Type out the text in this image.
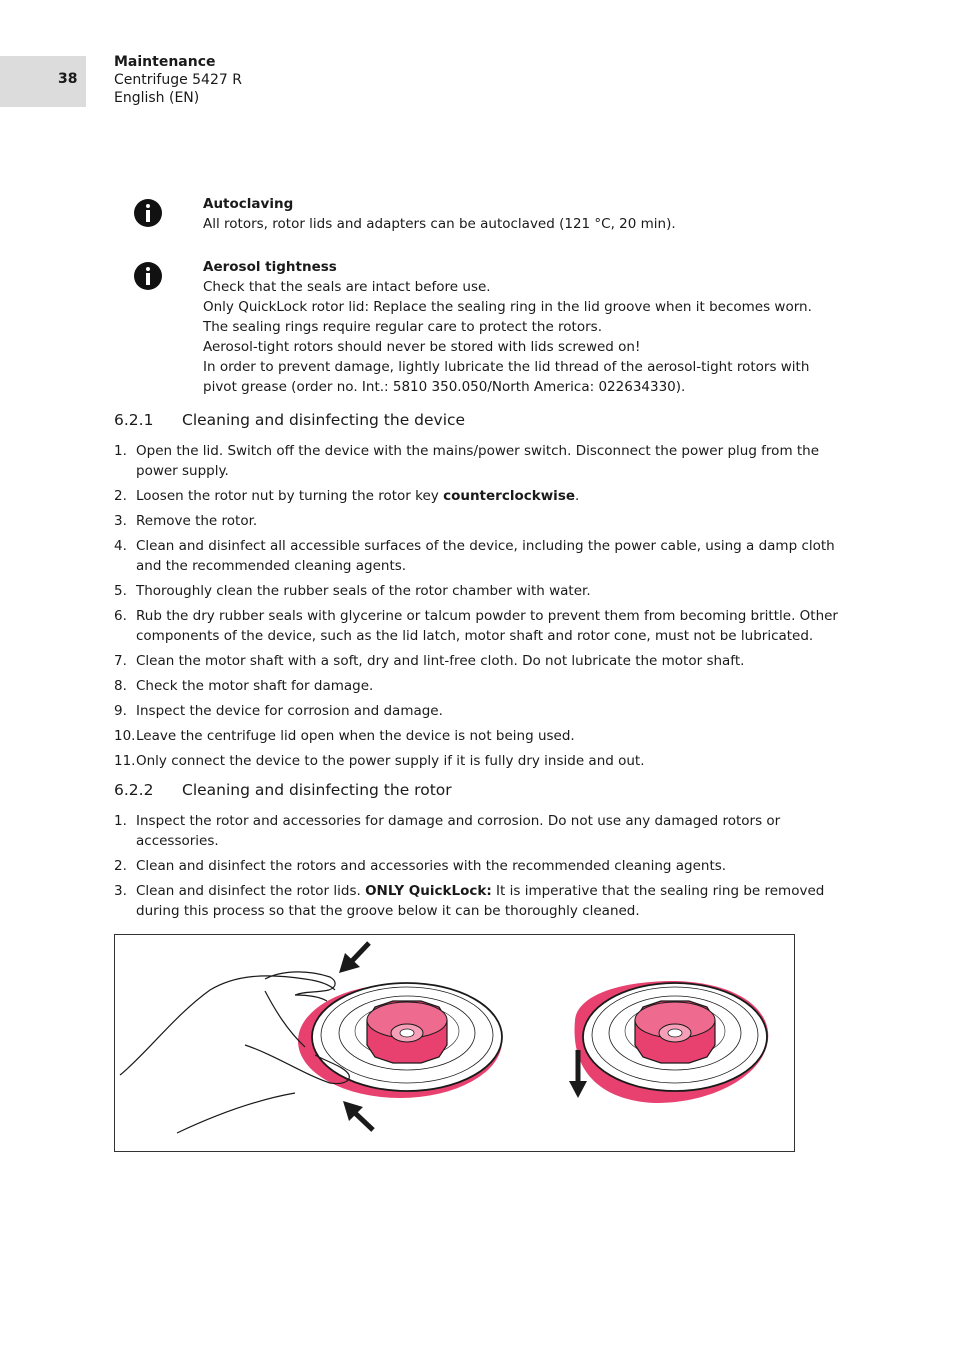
38
Maintenance
Centrifuge 5427 R
English (EN)
Autoclaving
All rotors, rotor lids and adapters can be autoclaved (121 °C, 20 min).
Aerosol tightness
Check that the seals are intact before use.
Only QuickLock rotor lid: Replace the sealing ring in the lid groove when it becomes worn.
The sealing rings require regular care to protect the rotors.
Aerosol-tight rotors should never be stored with lids screwed on!
In order to prevent damage, lightly lubricate the lid thread of the aerosol-tight rotors with
pivot grease (order no. Int.: 5810 350.050/North America: 022634330).
6.2.1 Cleaning and disinfecting the device
1. Open the lid. Switch off the device with the mains/power switch. Disconnect the power plug from the power supply.
2. Loosen the rotor nut by turning the rotor key counterclockwise.
3. Remove the rotor.
4. Clean and disinfect all accessible surfaces of the device, including the power cable, using a damp cloth and the recommended cleaning agents.
5. Thoroughly clean the rubber seals of the rotor chamber with water.
6. Rub the dry rubber seals with glycerine or talcum powder to prevent them from becoming brittle. Other components of the device, such as the lid latch, motor shaft and rotor cone, must not be lubricated.
7. Clean the motor shaft with a soft, dry and lint-free cloth. Do not lubricate the motor shaft.
8. Check the motor shaft for damage.
9. Inspect the device for corrosion and damage.
10. Leave the centrifuge lid open when the device is not being used.
11. Only connect the device to the power supply if it is fully dry inside and out.
6.2.2 Cleaning and disinfecting the rotor
1. Inspect the rotor and accessories for damage and corrosion. Do not use any damaged rotors or accessories.
2. Clean and disinfect the rotors and accessories with the recommended cleaning agents.
3. Clean and disinfect the rotor lids. ONLY QuickLock: It is imperative that the sealing ring be removed during this process so that the groove below it can be thoroughly cleaned.
